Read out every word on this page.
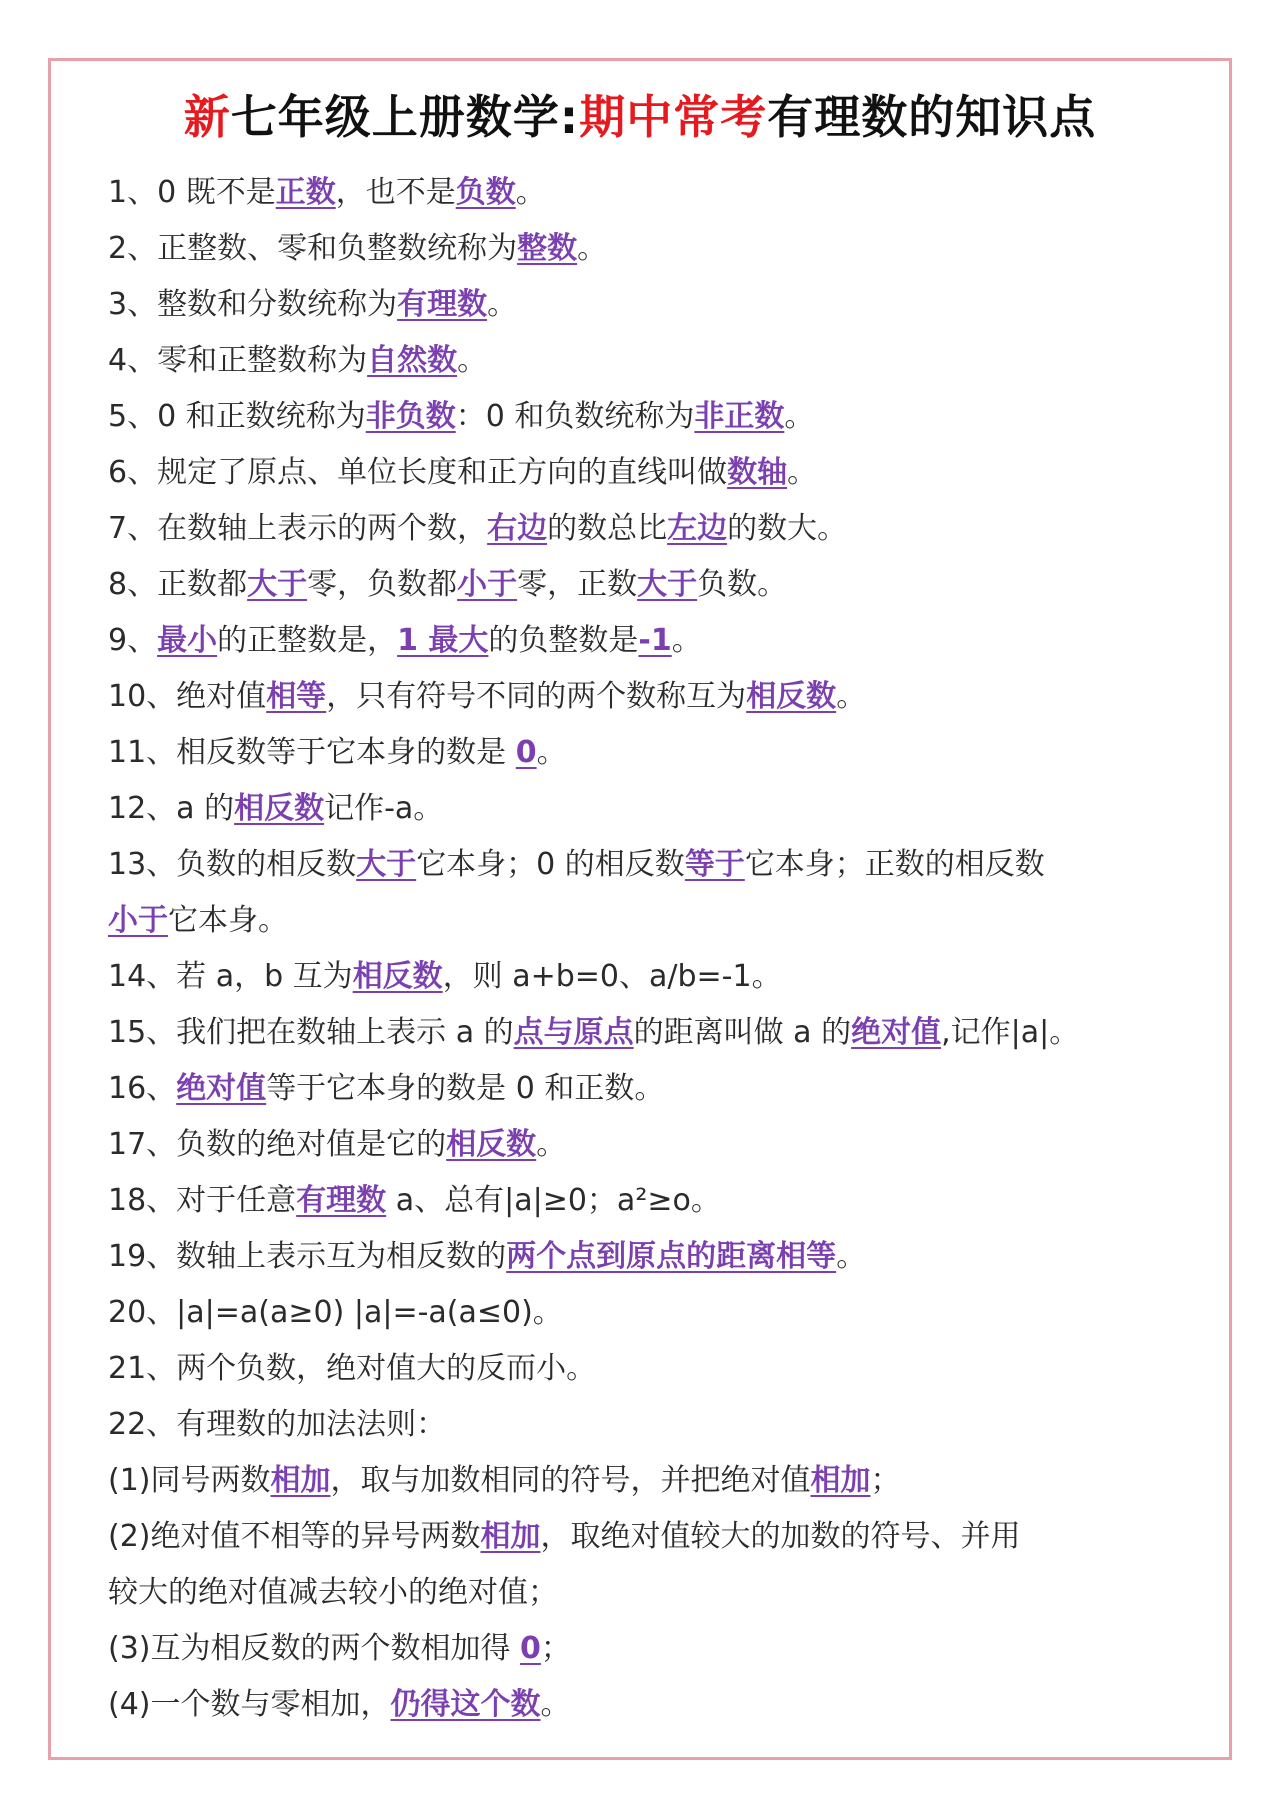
新七年级上册数学:期中常考有理数的知识点
1、0 既不是正数，也不是负数。
2、正整数、零和负整数统称为整数。
3、整数和分数统称为有理数。
4、零和正整数称为自然数。
5、0 和正数统称为非负数：0 和负数统称为非正数。
6、规定了原点、单位长度和正方向的直线叫做数轴。
7、在数轴上表示的两个数，右边的数总比左边的数大。
8、正数都大于零，负数都小于零，正数大于负数。
9、最小的正整数是，1 最大的负整数是-1。
10、绝对值相等，只有符号不同的两个数称互为相反数。
11、相反数等于它本身的数是 0。
12、a 的相反数记作-a。
13、负数的相反数大于它本身；0 的相反数等于它本身；正数的相反数
小于它本身。
14、若 a，b 互为相反数，则 a+b=0、a/b=-1。
15、我们把在数轴上表示 a 的点与原点的距离叫做 a 的绝对值,记作|a|。
16、绝对值等于它本身的数是 0 和正数。
17、负数的绝对值是它的相反数。
18、对于任意有理数 a、总有|a|≥0；a²≥o。
19、数轴上表示互为相反数的两个点到原点的距离相等。
20、|a|=a(a≥0) |a|=-a(a≤0)。
21、两个负数，绝对值大的反而小。
22、有理数的加法法则：
(1)同号两数相加，取与加数相同的符号，并把绝对值相加；
(2)绝对值不相等的异号两数相加，取绝对值较大的加数的符号、并用
较大的绝对值减去较小的绝对值；
(3)互为相反数的两个数相加得 0；
(4)一个数与零相加，仍得这个数。
